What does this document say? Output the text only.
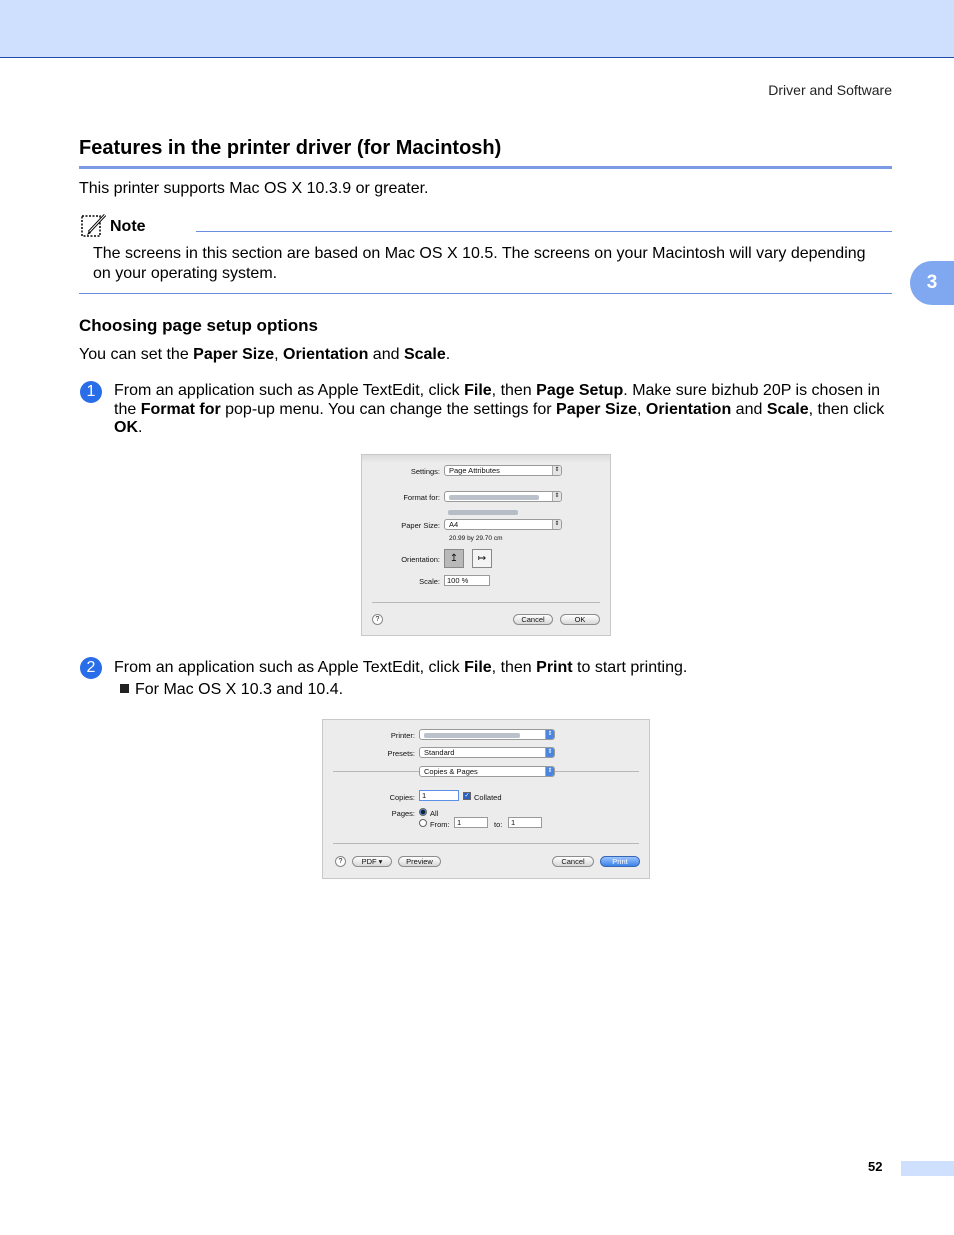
Driver and Software
3
Features in the printer driver (for Macintosh)

This printer supports Mac OS X 10.3.9 or greater.

Note

The screens in this section are based on Mac OS X 10.5. The screens on your Macintosh will vary depending on your operating system.

Choosing page setup options

You can set the Paper Size, Orientation and Scale.

1	From an application such as Apple TextEdit, click File, then Page Setup. Make sure bizhub 20P is chosen in the Format for pop-up menu. You can change the settings for Paper Size, Orientation and Scale, then click OK.

Settings:	Page Attributes	⇕
Format for:	⇕
Paper Size:	A4	⇕
20.99 by 29.70 cm
Orientation: ↥	↦
Scale: 100 %
?	Cancel	OK
2	From an application such as Apple TextEdit, click File, then Print to start printing.

For Mac OS X 10.3 and 10.4.

Printer:	⇕
Presets:	Standard	⇕
Copies & Pages	⇕
Copies: 1	✓ Collated
Pages: All
From: 1	to:	1
?	PDF ▾	Preview	Cancel	Print
52
